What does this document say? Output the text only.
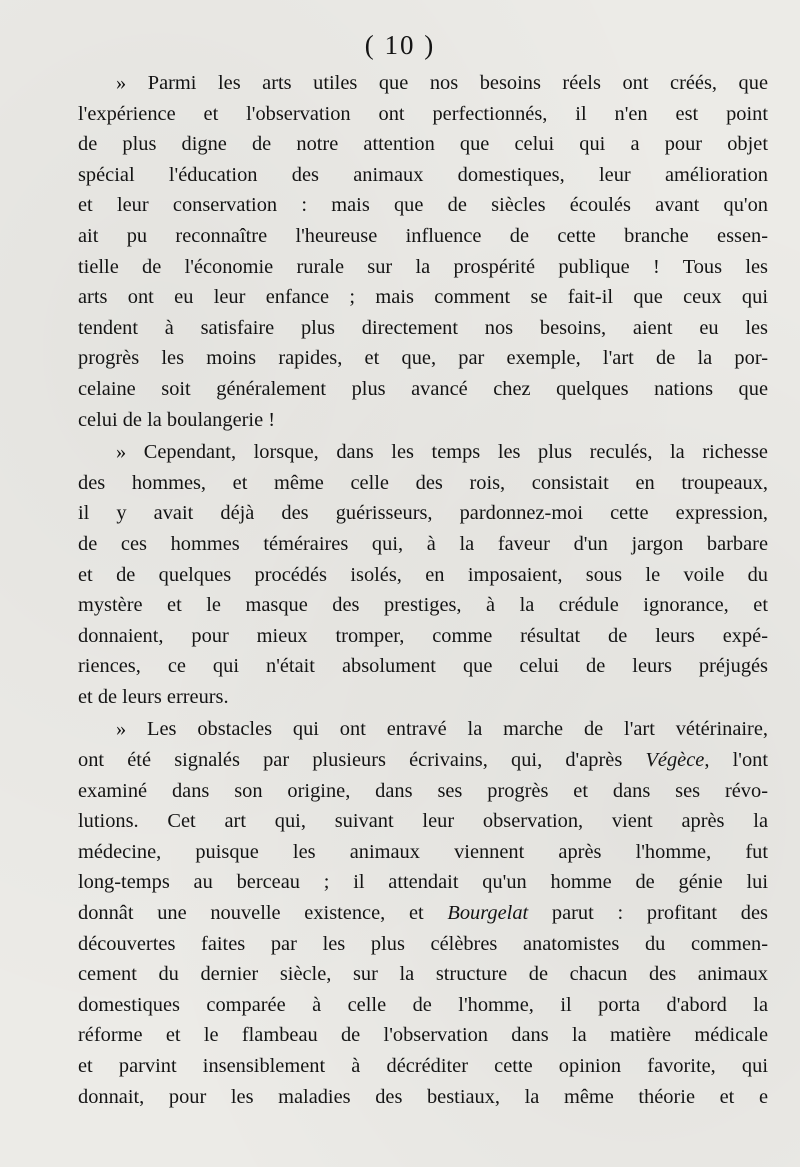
( 10 )
» Parmi les arts utiles que nos besoins réels ont créés, que
l'expérience et l'observation ont perfectionnés, il n'en est point
de plus digne de notre attention que celui qui a pour objet
spécial l'éducation des animaux domestiques, leur amélioration
et leur conservation : mais que de siècles écoulés avant qu'on
ait pu reconnaître l'heureuse influence de cette branche essen-
tielle de l'économie rurale sur la prospérité publique ! Tous les
arts ont eu leur enfance ; mais comment se fait-il que ceux qui
tendent à satisfaire plus directement nos besoins, aient eu les
progrès les moins rapides, et que, par exemple, l'art de la por-
celaine soit généralement plus avancé chez quelques nations que
celui de la boulangerie !
» Cependant, lorsque, dans les temps les plus reculés, la richesse
des hommes, et même celle des rois, consistait en troupeaux,
il y avait déjà des guérisseurs, pardonnez-moi cette expression,
de ces hommes téméraires qui, à la faveur d'un jargon barbare
et de quelques procédés isolés, en imposaient, sous le voile du
mystère et le masque des prestiges, à la crédule ignorance, et
donnaient, pour mieux tromper, comme résultat de leurs expé-
riences, ce qui n'était absolument que celui de leurs préjugés
et de leurs erreurs.
» Les obstacles qui ont entravé la marche de l'art vétérinaire,
ont été signalés par plusieurs écrivains, qui, d'après Végèce, l'ont
examiné dans son origine, dans ses progrès et dans ses révo-
lutions. Cet art qui, suivant leur observation, vient après la
médecine, puisque les animaux viennent après l'homme, fut
long-temps au berceau ; il attendait qu'un homme de génie lui
donnât une nouvelle existence, et Bourgelat parut : profitant des
découvertes faites par les plus célèbres anatomistes du commen-
cement du dernier siècle, sur la structure de chacun des animaux
domestiques comparée à celle de l'homme, il porta d'abord la
réforme et le flambeau de l'observation dans la matière médicale
et parvint insensiblement à décréditer cette opinion favorite, qui
donnait, pour les maladies des bestiaux, la même théorie et e
